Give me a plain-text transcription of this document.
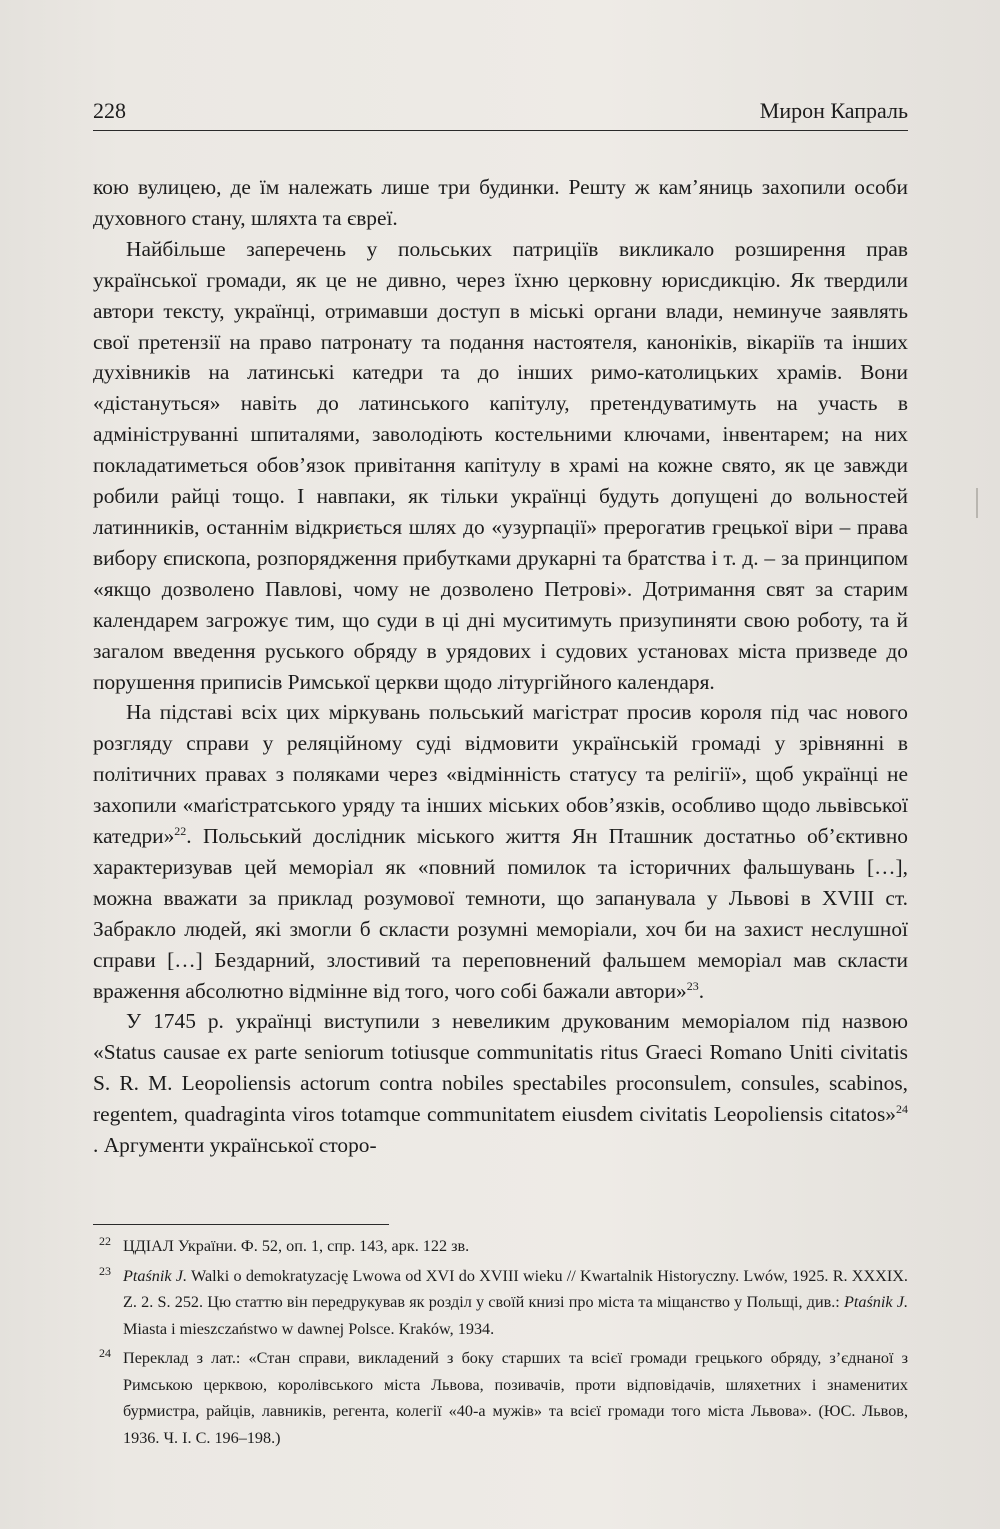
228	Мирон Капраль

кою вулицею, де їм належать лише три будинки. Решту ж кам’яниць захопили особи духовного стану, шляхта та євреї.

Найбільше заперечень у польських патриціїв викликало розширення прав української громади, як це не дивно, через їхню церковну юрисдикцію. Як твердили автори тексту, українці, отримавши доступ в міські органи влади, неминуче заявлять свої претензії на право патронату та подання настоятеля, каноніків, вікаріїв та інших духівників на латинські катедри та до інших римо-католицьких храмів. Вони «дістануться» навіть до латинського капітулу, претендуватимуть на участь в адмініструванні шпиталями, заволодіють костельними ключами, інвентарем; на них покладатиметься обов’язок привітання капітулу в храмі на кожне свято, як це завжди робили райці тощо. І навпаки, як тільки українці будуть допущені до вольностей латинників, останнім відкриється шлях до «узурпації» прерогатив грецької віри – права вибору єпископа, розпорядження прибутками друкарні та братства і т. д. – за принципом «якщо дозволено Павлові, чому не дозволено Петрові». Дотримання свят за старим календарем загрожує тим, що суди в ці дні муситимуть призупиняти свою роботу, та й загалом введення руського обряду в урядових і судових установах міста призведе до порушення приписів Римської церкви щодо літургійного календаря.

На підставі всіх цих міркувань польський магістрат просив короля під час нового розгляду справи у реляційному суді відмовити українській громаді у зрівнянні в політичних правах з поляками через «відмінність статусу та релігії», щоб українці не захопили «маґістратського уряду та інших міських обов’язків, особливо щодо львівської катедри»$^{22}$. Польський дослідник міського життя Ян Пташник достатньо об’єктивно характеризував цей меморіал як «повний помилок та історичних фальшувань […], можна вважати за приклад розумової темноти, що запанувала у Львові в XVIII ст. Забракло людей, які змогли б скласти розумні меморіали, хоч би на захист неслушної справи […] Бездарний, злостивий та переповнений фальшем меморіал мав скласти враження абсолютно відмінне від того, чого собі бажали автори»$^{23}$.

У 1745 р. українці виступили з невеликим друкованим меморіалом під назвою «Status causae ex parte seniorum totiusque communitatis ritus Graeci Romano Uniti civitatis S. R. M. Leopoliensis actorum contra nobiles spectabiles proconsulem, consules, scabinos, regentem, quadraginta viros totamque communitatem eiusdem civitatis Leopoliensis citatos»$^{24}$ . Аргументи української сторо-

22 ЦДІАЛ України. Ф. 52, оп. 1, спр. 143, арк. 122 зв.
23 Ptaśnik J. Walki o demokratyzację Lwowa od XVI do XVIII wieku // Kwartalnik Historyczny. Lwów, 1925. R. XXXIX. Z. 2. S. 252. Цю статтю він передрукував як розділ у своїй книзі про міста та міщанство у Польщі, див.: Ptaśnik J. Miasta i mieszczaństwo w dawnej Polsce. Kraków, 1934.
24 Переклад з лат.: «Стан справи, викладений з боку старших та всієї громади грецького обряду, з’єднаної з Римською церквою, королівського міста Львова, позивачів, проти відповідачів, шляхетних і знаменитих бурмистра, райців, лавників, регента, колегії «40-а мужів» та всієї громади того міста Львова». (ЮС. Львов, 1936. Ч. І. С. 196–198.)
